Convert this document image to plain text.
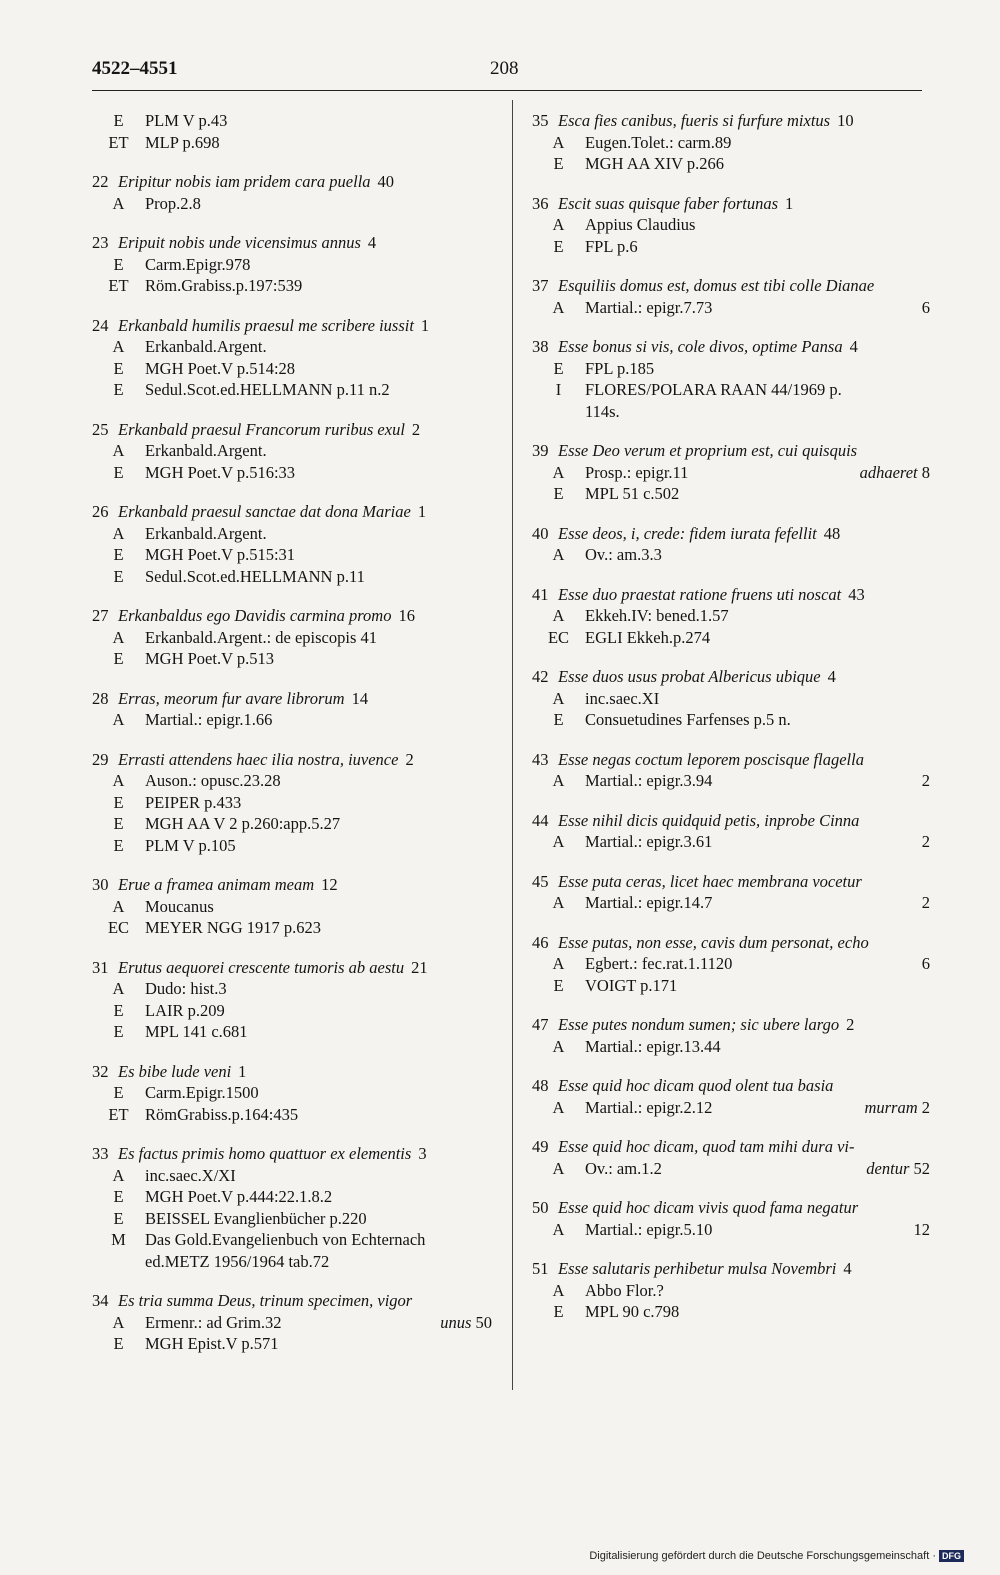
4522–4551	208
E	PLM V p.43
ET MLP p.698
22 Eripitur nobis iam pridem cara puella 40
A	Prop.2.8
23 Eripuit nobis unde vicensimus annus 4
E	Carm.Epigr.978
ET Röm.Grabiss.p.197:539
24 Erkanbald humilis praesul me scribere iussit 1
A	Erkanbald.Argent.
E	MGH Poet.V p.514:28
E	Sedul.Scot.ed.HELLMANN p.11 n.2
25 Erkanbald praesul Francorum ruribus exul 2
A	Erkanbald.Argent.
E	MGH Poet.V p.516:33
26 Erkanbald praesul sanctae dat dona Mariae 1
A	Erkanbald.Argent.
E	MGH Poet.V p.515:31
E	Sedul.Scot.ed.HELLMANN p.11
27 Erkanbaldus ego Davidis carmina promo 16
A	Erkanbald.Argent.: de episcopis 41
E	MGH Poet.V p.513
28 Erras, meorum fur avare librorum 14
A	Martial.: epigr.1.66
29 Errasti attendens haec ilia nostra, iuvence 2
A	Auson.: opusc.23.28
E	PEIPER p.433
E	MGH AA V 2 p.260:app.5.27
E	PLM V p.105
30 Erue a framea animam meam 12
A	Moucanus
EC MEYER NGG 1917 p.623
31 Erutus aequorei crescente tumoris ab aestu 21
A	Dudo: hist.3
E	LAIR p.209
E	MPL 141 c.681
32 Es bibe lude veni 1
E	Carm.Epigr.1500
ET RömGrabiss.p.164:435
33 Es factus primis homo quattuor ex elementis 3
A	inc.saec.X/XI
E	MGH Poet.V p.444:22.1.8.2
E	BEISSEL Evanglienbücher p.220
M	Das Gold.Evangelienbuch von Echternach
ed.METZ 1956/1964 tab.72
34 Es tria summa Deus, trinum specimen, vigor
A	Ermenr.: ad Grim.32	unus 50
E	MGH Epist.V p.571
35 Esca fies canibus, fueris si furfure mixtus 10
A	Eugen.Tolet.: carm.89
E	MGH AA XIV p.266
36 Escit suas quisque faber fortunas 1
A	Appius Claudius
E	FPL p.6
37 Esquiliis domus est, domus est tibi colle Dianae
A	Martial.: epigr.7.73	6
38 Esse bonus si vis, cole divos, optime Pansa 4
E	FPL p.185
I	FLORES/POLARA RAAN 44/1969 p.
114s.
39 Esse Deo verum et proprium est, cui quisquis
A	Prosp.: epigr.11	adhaeret 8
E	MPL 51 c.502
40 Esse deos, i, crede: fidem iurata fefellit 48
A	Ov.: am.3.3
41 Esse duo praestat ratione fruens uti noscat 43
A	Ekkeh.IV: bened.1.57
EC EGLI Ekkeh.p.274
42 Esse duos usus probat Albericus ubique 4
A	inc.saec.XI
E	Consuetudines Farfenses p.5 n.
43 Esse negas coctum leporem poscisque flagella
A	Martial.: epigr.3.94	2
44 Esse nihil dicis quidquid petis, inprobe Cinna
A	Martial.: epigr.3.61	2
45 Esse puta ceras, licet haec membrana vocetur
A	Martial.: epigr.14.7	2
46 Esse putas, non esse, cavis dum personat, echo
A	Egbert.: fec.rat.1.1120	6
E	VOIGT p.171
47 Esse putes nondum sumen; sic ubere largo 2
A	Martial.: epigr.13.44
48 Esse quid hoc dicam quod olent tua basia
A	Martial.: epigr.2.12	murram 2
49 Esse quid hoc dicam, quod tam mihi dura vi-
A	Ov.: am.1.2	dentur 52
50 Esse quid hoc dicam vivis quod fama negatur
A	Martial.: epigr.5.10	12
51 Esse salutaris perhibetur mulsa Novembri 4
A	Abbo Flor.?
E	MPL 90 c.798
Digitalisierung gefördert durch die Deutsche Forschungsgemeinschaft · DFG
